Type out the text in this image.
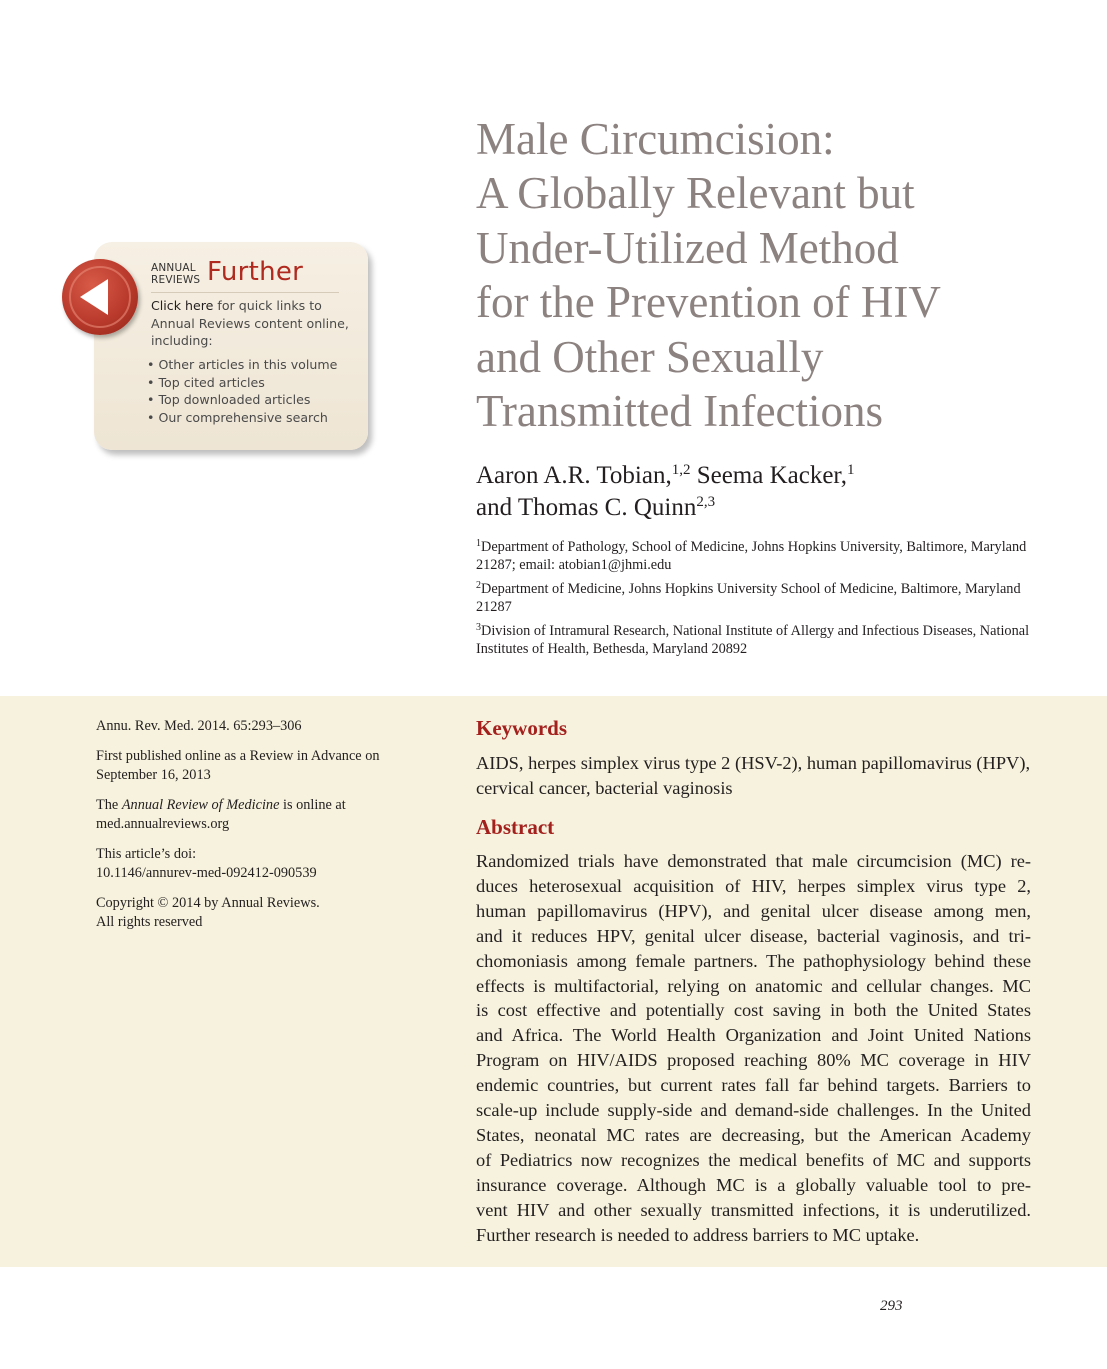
Male Circumcision:
A Globally Relevant but
Under-Utilized Method
for the Prevention of HIV
and Other Sexually
Transmitted Infections
Aaron A.R. Tobian,$^{1,2}$ Seema Kacker,$^1$
and Thomas C. Quinn$^{2,3}$

$^1$Department of Pathology, School of Medicine, Johns Hopkins University, Baltimore, Maryland 21287; email: atobian1@jhmi.edu

$^2$Department of Medicine, Johns Hopkins University School of Medicine, Baltimore, Maryland 21287

$^3$Division of Intramural Research, National Institute of Allergy and Infectious Diseases, National Institutes of Health, Bethesda, Maryland 20892

ANNUAL
REVIEWS Further
Click here for quick links to Annual Reviews content online, including:
• Other articles in this volume
• Top cited articles
• Top downloaded articles
• Our comprehensive search

Annu. Rev. Med. 2014. 65:293–306

First published online as a Review in Advance on September 16, 2013

The Annual Review of Medicine is online at med.annualreviews.org

This article’s doi:
10.1146/annurev-med-092412-090539

Copyright © 2014 by Annual Reviews.
All rights reserved

Keywords
AIDS, herpes simplex virus type 2 (HSV-2), human papillomavirus (HPV), cervical cancer, bacterial vaginosis
Abstract
Randomized trials have demonstrated that male circumcision (MC) re-
duces heterosexual acquisition of HIV, herpes simplex virus type 2,
human papillomavirus (HPV), and genital ulcer disease among men,
and it reduces HPV, genital ulcer disease, bacterial vaginosis, and tri-
chomoniasis among female partners. The pathophysiology behind these
effects is multifactorial, relying on anatomic and cellular changes. MC
is cost effective and potentially cost saving in both the United States
and Africa. The World Health Organization and Joint United Nations
Program on HIV/AIDS proposed reaching 80% MC coverage in HIV
endemic countries, but current rates fall far behind targets. Barriers to
scale-up include supply-side and demand-side challenges. In the United
States, neonatal MC rates are decreasing, but the American Academy
of Pediatrics now recognizes the medical benefits of MC and supports
insurance coverage. Although MC is a globally valuable tool to pre-
vent HIV and other sexually transmitted infections, it is underutilized.
Further research is needed to address barriers to MC uptake.
293
